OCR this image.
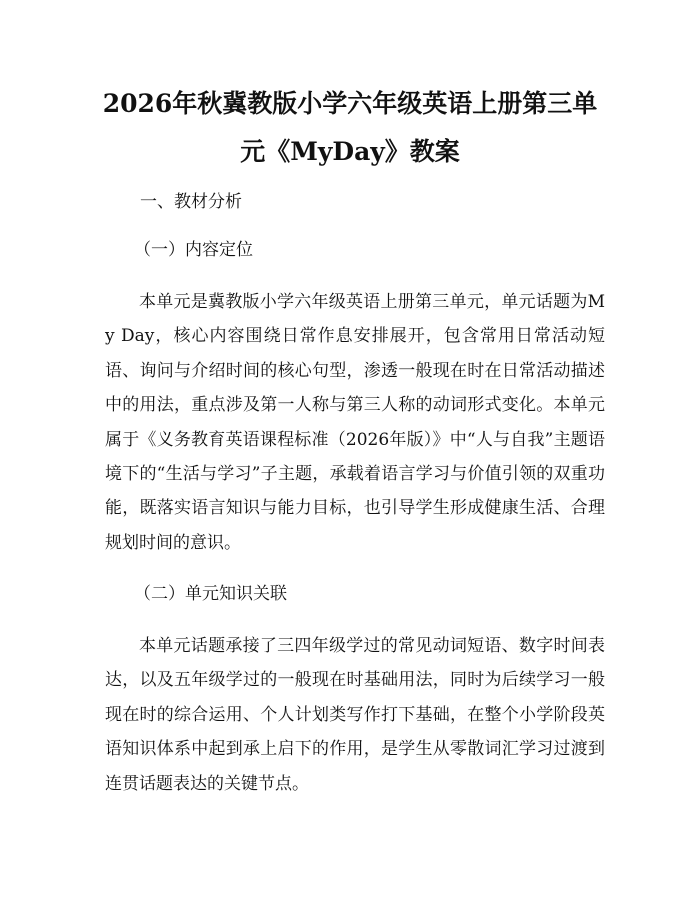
2026年秋冀教版小学六年级英语上册第三单
元《MyDay》教案
一、教材分析
（一）内容定位
本单元是冀教版小学六年级英语上册第三单元，单元话题为My Day，核心内容围绕日常作息安排展开，包含常用日常活动短语、询问与介绍时间的核心句型，渗透一般现在时在日常活动描述中的用法，重点涉及第一人称与第三人称的动词形式变化。本单元属于《义务教育英语课程标准（2026年版）》中“人与自我”主题语境下的“生活与学习”子主题，承载着语言学习与价值引领的双重功能，既落实语言知识与能力目标，也引导学生形成健康生活、合理规划时间的意识。
（二）单元知识关联
本单元话题承接了三四年级学过的常见动词短语、数字时间表达，以及五年级学过的一般现在时基础用法，同时为后续学习一般现在时的综合运用、个人计划类写作打下基础，在整个小学阶段英语知识体系中起到承上启下的作用，是学生从零散词汇学习过渡到连贯话题表达的关键节点。
